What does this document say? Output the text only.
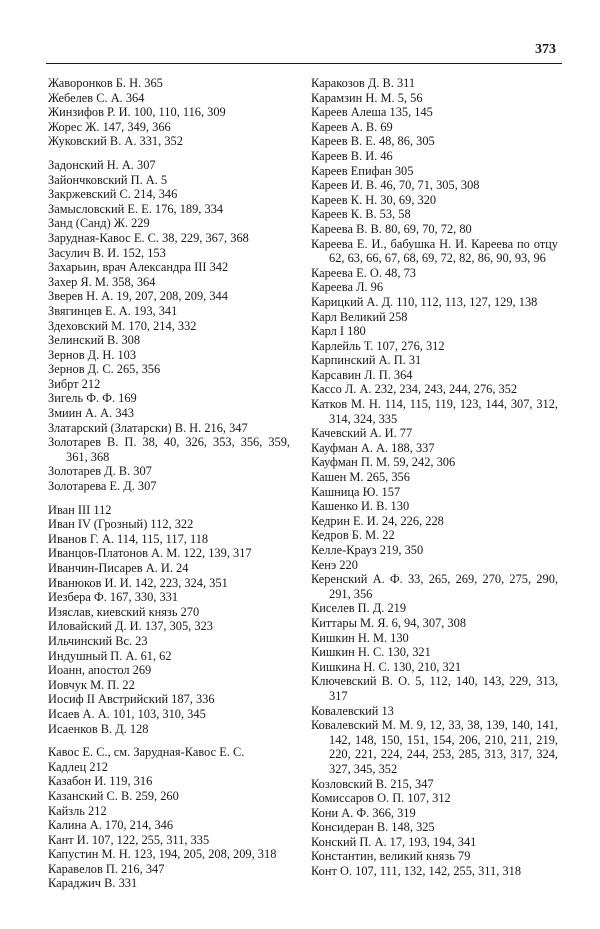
373
Жаворонков Б. Н. 365
Жебелев С. А. 364
Жинзифов Р. И. 100, 110, 116, 309
Жорес Ж. 147, 349, 366
Жуковский В. А. 331, 352
Задонский Н. А. 307
Зайончковский П. А. 5
Закржевский С. 214, 346
Замысловский Е. Е. 176, 189, 334
Занд (Санд) Ж. 229
Зарудная-Кавос Е. С. 38, 229, 367, 368
Засулич В. И. 152, 153
Захарьин, врач Александра III 342
Захер Я. М. 358, 364
Зверев Н. А. 19, 207, 208, 209, 344
Звягинцев Е. А. 193, 341
Здеховский М. 170, 214, 332
Зелинский В. 308
Зернов Д. Н. 103
Зернов Д. С. 265, 356
Зибрт 212
Зигель Ф. Ф. 169
Змиин А. А. 343
Златарский (Златарски) В. Н. 216, 347
Золотарев В. П. 38, 40, 326, 353, 356, 359, 361, 368
Золотарев Д. В. 307
Золотарева Е. Д. 307
Иван III 112
Иван IV (Грозный) 112, 322
Иванов Г. А. 114, 115, 117, 118
Иванцов-Платонов А. М. 122, 139, 317
Иванчин-Писарев А. И. 24
Иванюков И. И. 142, 223, 324, 351
Иезбера Ф. 167, 330, 331
Изяслав, киевский князь 270
Иловайский Д. И. 137, 305, 323
Ильчинский Вс. 23
Индушный П. А. 61, 62
Иоанн, апостол 269
Иовчук М. П. 22
Иосиф II Австрийский 187, 336
Исаев А. А. 101, 103, 310, 345
Исаенков В. Д. 128
Кавос Е. С., см. Зарудная-Кавос Е. С.
Кадлец 212
Казабон И. 119, 316
Казанский С. В. 259, 260
Кайзль 212
Калина А. 170, 214, 346
Кант И. 107, 122, 255, 311, 335
Капустин М. Н. 123, 194, 205, 208, 209, 318
Каравелов П. 216, 347
Караджич В. 331
Каракозов Д. В. 311
Карамзин Н. М. 5, 56
Кареев Алеша 135, 145
Кареев А. В. 69
Кареев В. Е. 48, 86, 305
Кареев В. И. 46
Кареев Епифан 305
Кареев И. В. 46, 70, 71, 305, 308
Кареев К. Н. 30, 69, 320
Кареев К. В. 53, 58
Кареева В. В. 80, 69, 70, 72, 80
Кареева Е. И., бабушка Н. И. Кареева по отцу 62, 63, 66, 67, 68, 69, 72, 82, 86, 90, 93, 96
Кареева Е. О. 48, 73
Кареева Л. 96
Карицкий А. Д. 110, 112, 113, 127, 129, 138
Карл Великий 258
Карл I 180
Карлейль Т. 107, 276, 312
Карпинский А. П. 31
Карсавин Л. П. 364
Кассо Л. А. 232, 234, 243, 244, 276, 352
Катков М. Н. 114, 115, 119, 123, 144, 307, 312, 314, 324, 335
Качевский А. И. 77
Кауфман А. А. 188, 337
Кауфман П. М. 59, 242, 306
Кашен М. 265, 356
Кашница Ю. 157
Кашенко И. В. 130
Кедрин Е. И. 24, 226, 228
Кедров Б. М. 22
Келле-Крауз 219, 350
Кенэ 220
Керенский А. Ф. 33, 265, 269, 270, 275, 290, 291, 356
Киселев П. Д. 219
Киттары М. Я. 6, 94, 307, 308
Кишкин Н. М. 130
Кишкин Н. С. 130, 321
Кишкина Н. С. 130, 210, 321
Ключевский В. О. 5, 112, 140, 143, 229, 313, 317
Ковалевский 13
Ковалевский М. М. 9, 12, 33, 38, 139, 140, 141, 142, 148, 150, 151, 154, 206, 210, 211, 219, 220, 221, 224, 244, 253, 285, 313, 317, 324, 327, 345, 352
Козловский В. 215, 347
Комиссаров О. П. 107, 312
Кони А. Ф. 366, 319
Консидеран В. 148, 325
Конский П. А. 17, 193, 194, 341
Константин, великий князь 79
Конт О. 107, 111, 132, 142, 255, 311, 318
